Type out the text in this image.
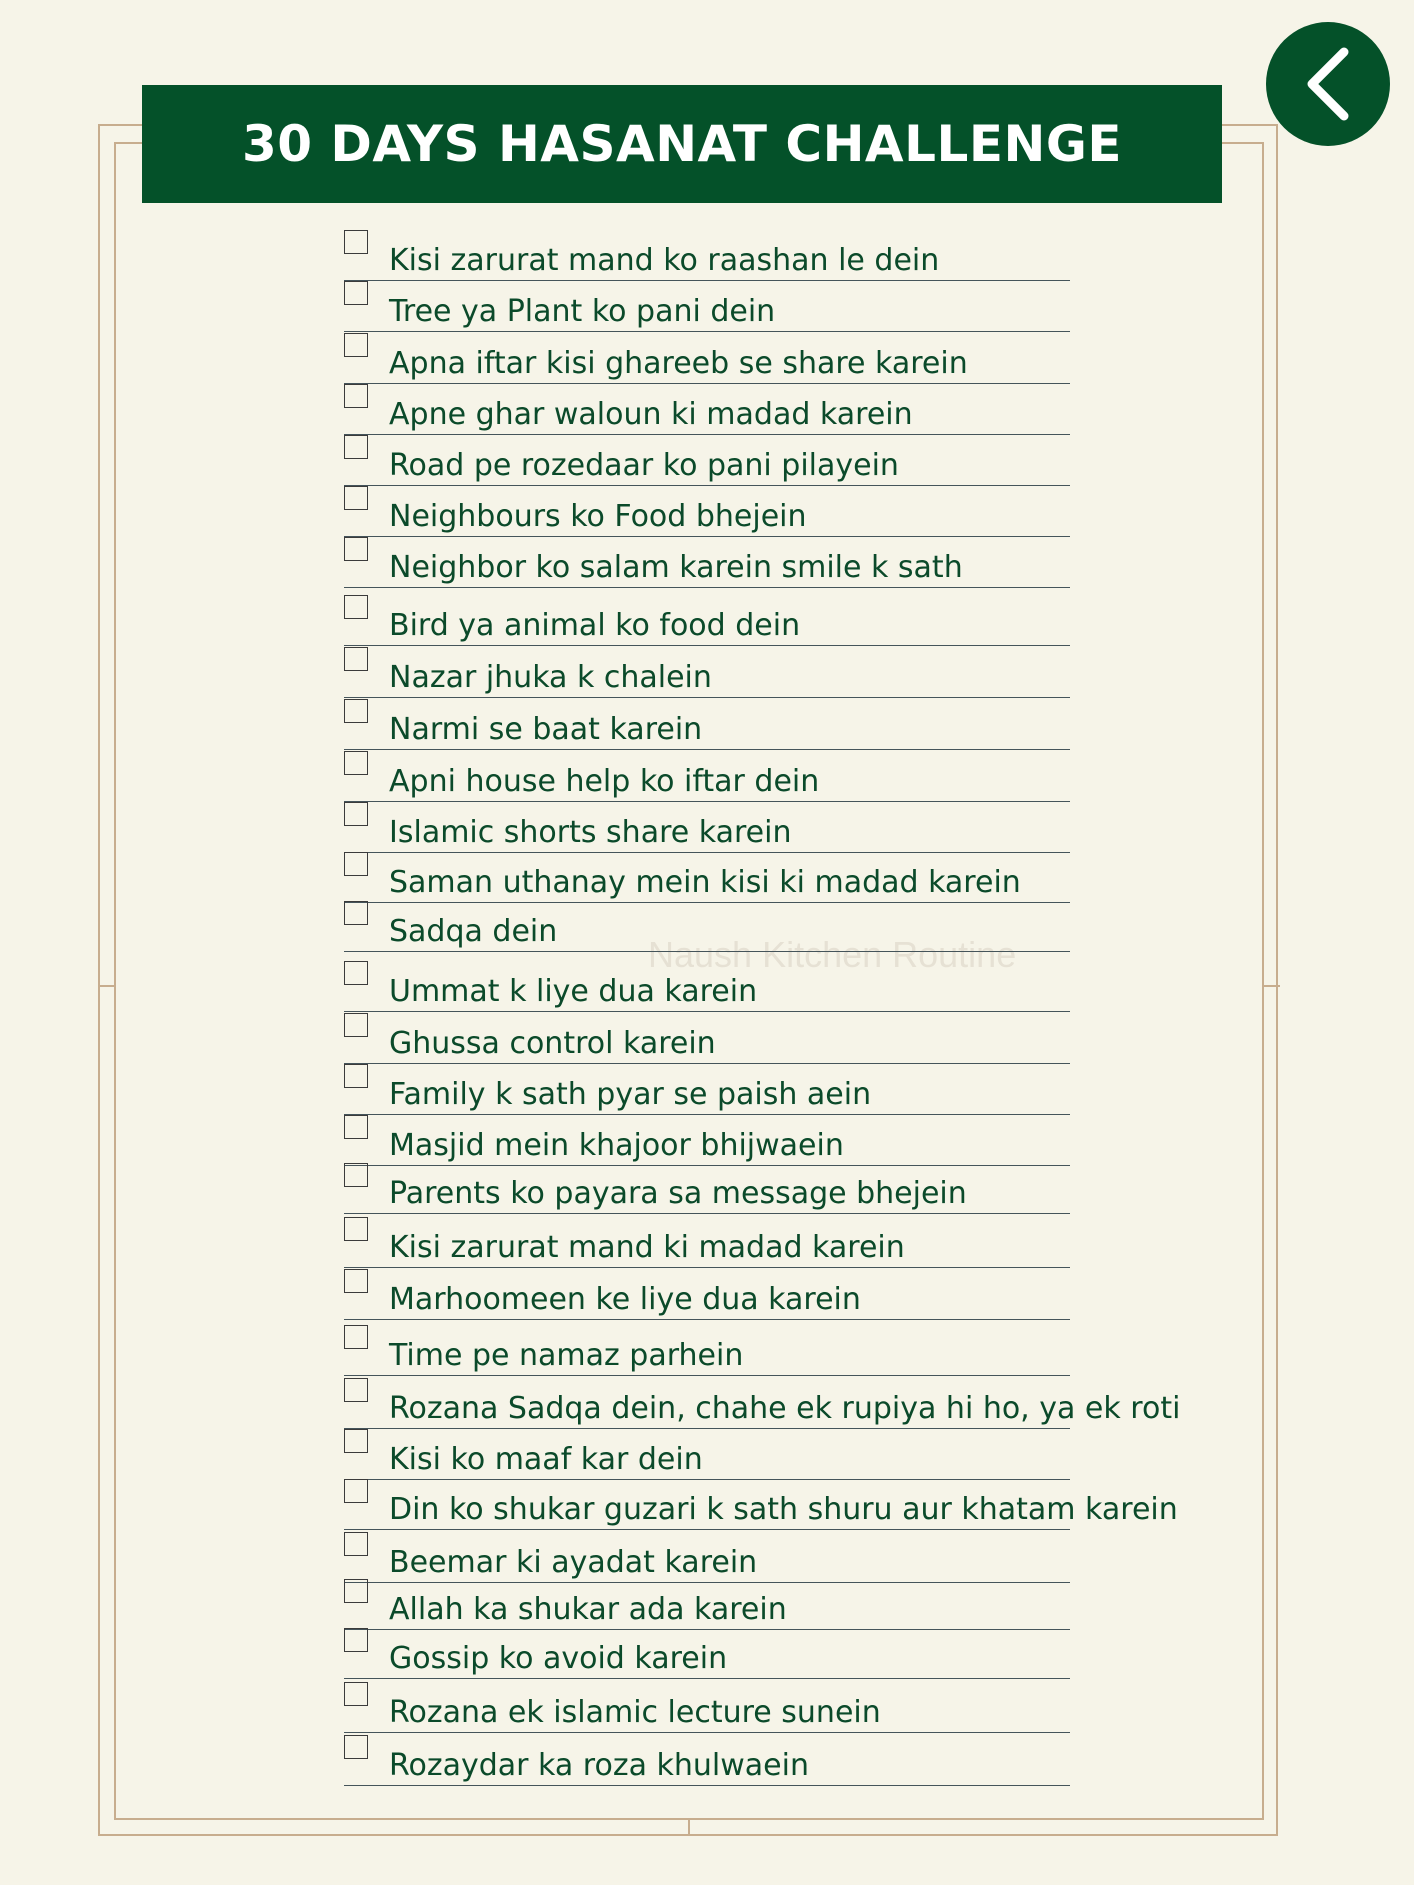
30 DAYS HASANAT CHALLENGE
Naush Kitchen Routine
Kisi zarurat mand ko raashan le dein
Tree ya Plant ko pani dein
Apna iftar kisi ghareeb se share karein
Apne ghar waloun ki madad karein
Road pe rozedaar ko pani pilayein
Neighbours ko Food bhejein
Neighbor ko salam karein smile k sath
Bird ya animal ko food dein
Nazar jhuka k chalein
Narmi se baat karein
Apni house help ko iftar dein
Islamic shorts share karein
Saman uthanay mein kisi ki madad karein
Sadqa dein
Ummat k liye dua karein
Ghussa control karein
Family k sath pyar se paish aein
Masjid mein khajoor bhijwaein
Parents ko payara sa message bhejein
Kisi zarurat mand ki madad karein
Marhoomeen ke liye dua karein
Time pe namaz parhein
Rozana Sadqa dein, chahe ek rupiya hi ho, ya ek roti
Kisi ko maaf kar dein
Din ko shukar guzari k sath shuru aur khatam karein
Beemar ki ayadat karein
Allah ka shukar ada karein
Gossip ko avoid karein
Rozana ek islamic lecture sunein
Rozaydar ka roza khulwaein
